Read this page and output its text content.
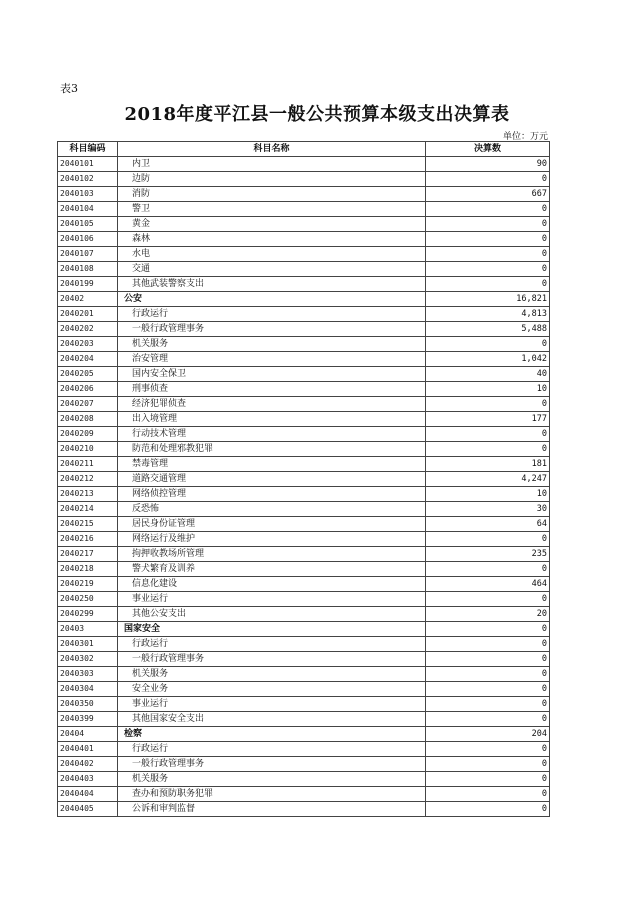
表3
2018年度平江县一般公共预算本级支出决算表
单位：万元
科目编码	科目名称	决算数
2040101	内卫	90
2040102	边防	0
2040103	消防	667
2040104	警卫	0
2040105	黄金	0
2040106	森林	0
2040107	水电	0
2040108	交通	0
2040199	其他武装警察支出	0
20402	公安	16,821
2040201	行政运行	4,813
2040202	一般行政管理事务	5,488
2040203	机关服务	0
2040204	治安管理	1,042
2040205	国内安全保卫	40
2040206	刑事侦查	10
2040207	经济犯罪侦查	0
2040208	出入境管理	177
2040209	行动技术管理	0
2040210	防范和处理邪教犯罪	0
2040211	禁毒管理	181
2040212	道路交通管理	4,247
2040213	网络侦控管理	10
2040214	反恐怖	30
2040215	居民身份证管理	64
2040216	网络运行及维护	0
2040217	拘押收教场所管理	235
2040218	警犬繁育及训养	0
2040219	信息化建设	464
2040250	事业运行	0
2040299	其他公安支出	20
20403	国家安全	0
2040301	行政运行	0
2040302	一般行政管理事务	0
2040303	机关服务	0
2040304	安全业务	0
2040350	事业运行	0
2040399	其他国家安全支出	0
20404	检察	204
2040401	行政运行	0
2040402	一般行政管理事务	0
2040403	机关服务	0
2040404	查办和预防职务犯罪	0
2040405	公诉和审判监督	0
